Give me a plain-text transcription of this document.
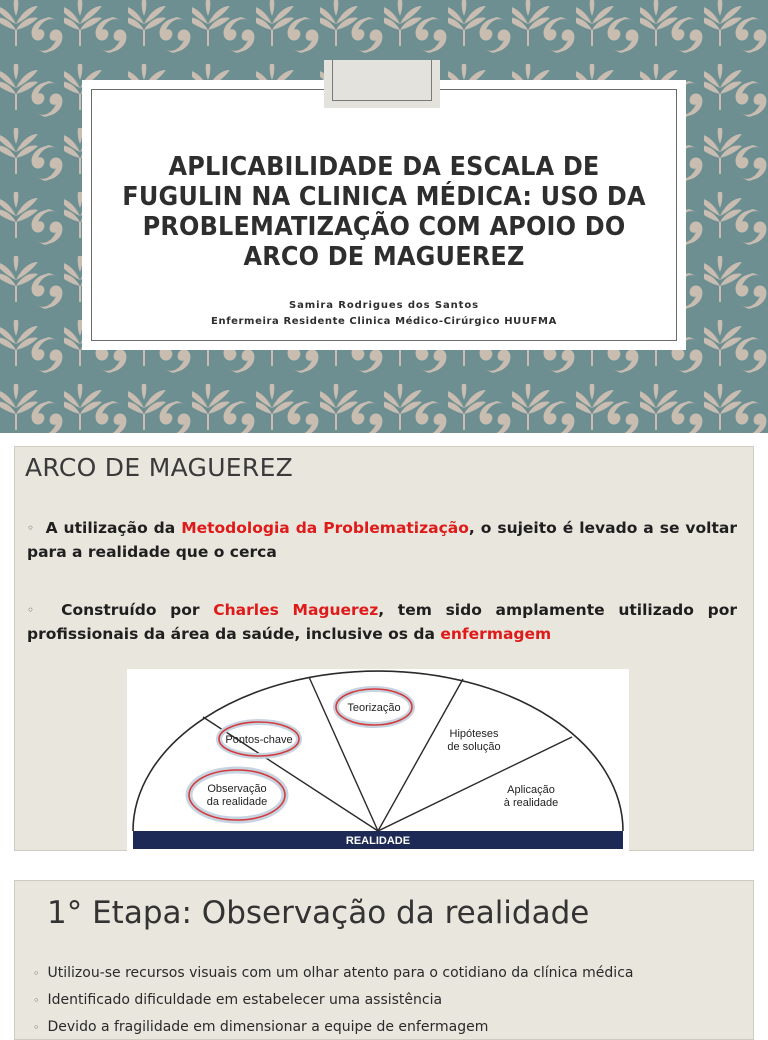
APLICABILIDADE DA ESCALA DE
FUGULIN NA CLINICA MÉDICA: USO DA
PROBLEMATIZAÇÃO COM APOIO DO
ARCO DE MAGUEREZ
Samira Rodrigues dos Santos
Enfermeira Residente Clinica Médico-Cirúrgico HUUFMA
ARCO DE MAGUEREZ
◦ A utilização da Metodologia da Problematização, o sujeito é levado a se voltar para a realidade que o cerca
◦ Construído por Charles Maguerez, tem sido amplamente utilizado por profissionais da área da saúde, inclusive os da enfermagem
Teorização
Pontos-chave	Hipóteses
de solução
Observação
da realidade
Aplicação
à realidade
REALIDADE
1° Etapa: Observação da realidade
◦ Utilizou-se recursos visuais com um olhar atento para o cotidiano da clínica médica
◦ Identificado dificuldade em estabelecer uma assistência
◦ Devido a fragilidade em dimensionar a equipe de enfermagem
